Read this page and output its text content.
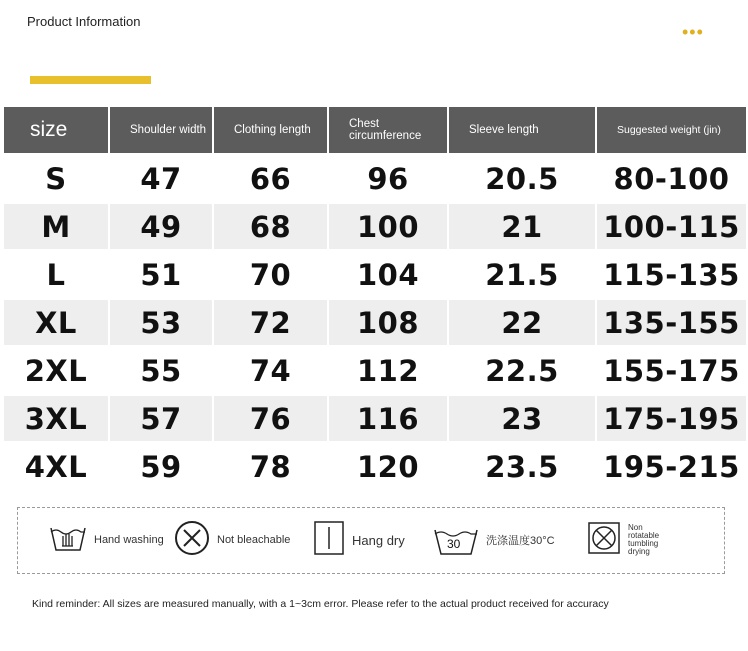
Product Information
•••
size	Shoulder width	Clothing length	Chest circumference	Sleeve length	Suggested weight (jin)
S	47	66	96	20.5	80-100
M	49	68	100	21	100-115
L	51	70	104	21.5	115-135
XL	53	72	108	22	135-155
2XL	55	74	112	22.5	155-175
3XL	57	76	116	23	175-195
4XL	59	78	120	23.5	195-215
Hand washing	Not bleachable	Hang dry	30 洗涤温度30°C
Non rotatable tumbling drying
Kind reminder: All sizes are measured manually, with a 1~3cm error. Please refer to the actual product received for accuracy
